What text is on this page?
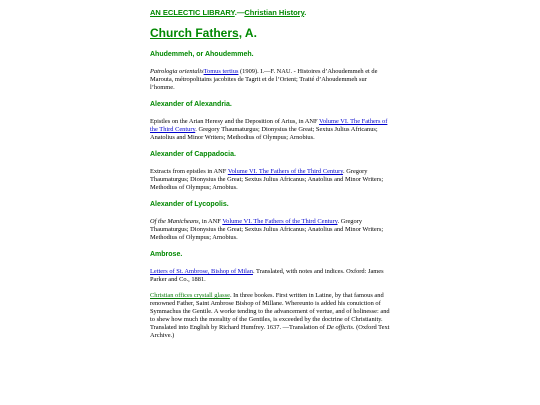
AN ECLECTIC LIBRARY.—Christian History.
Church Fathers, A.
Ahudemmeh, or Ahoudemmeh.
Patrologia orientalisTomus tertius (1909). I.—F. NAU. - Histoires d’Ahoudemmeh et de Marouta, métropolitains jacobites de Tagrit et de l’Orient; Traité d’Ahoudemmeh sur l’homme.
Alexander of Alexandria.
Epistles on the Arian Heresy and the Deposition of Arius, in ANF Volume VI. The Fathers of the Third Century. Gregory Thaumaturgus; Dionysius the Great; Sextus Julius Africanus; Anatolius and Minor Writers; Methodius of Olympus; Arnobius.
Alexander of Cappadocia.
Extracts from epistles in ANF Volume VI. The Fathers of the Third Century. Gregory Thaumaturgus; Dionysius the Great; Sextus Julius Africanus; Anatolius and Minor Writers; Methodius of Olympus; Arnobius.
Alexander of Lycopolis.
Of the Manicheans, in ANF Volume VI. The Fathers of the Third Century. Gregory Thaumaturgus; Dionysius the Great; Sextus Julius Africanus; Anatolius and Minor Writers; Methodius of Olympus; Arnobius.
Ambrose.
Letters of St. Ambrose, Bishop of Milan. Translated, with notes and indices. Oxford: James Parker and Co., 1881.
Christian offices crystall glasse. In three bookes. First written in Latine, by that famous and renowned Father, Saint Ambrose Bishop of Millane. Whereunto is added his conuiction of Symmachus the Gentile. A worke tending to the advancement of vertue, and of holinesse: and to shew how much the morality of the Gentiles, is exceeded by the doctrine of Christianity. Translated into English by Richard Humfrey. 1637. —Translation of De officiis. (Oxford Text Archive.)
